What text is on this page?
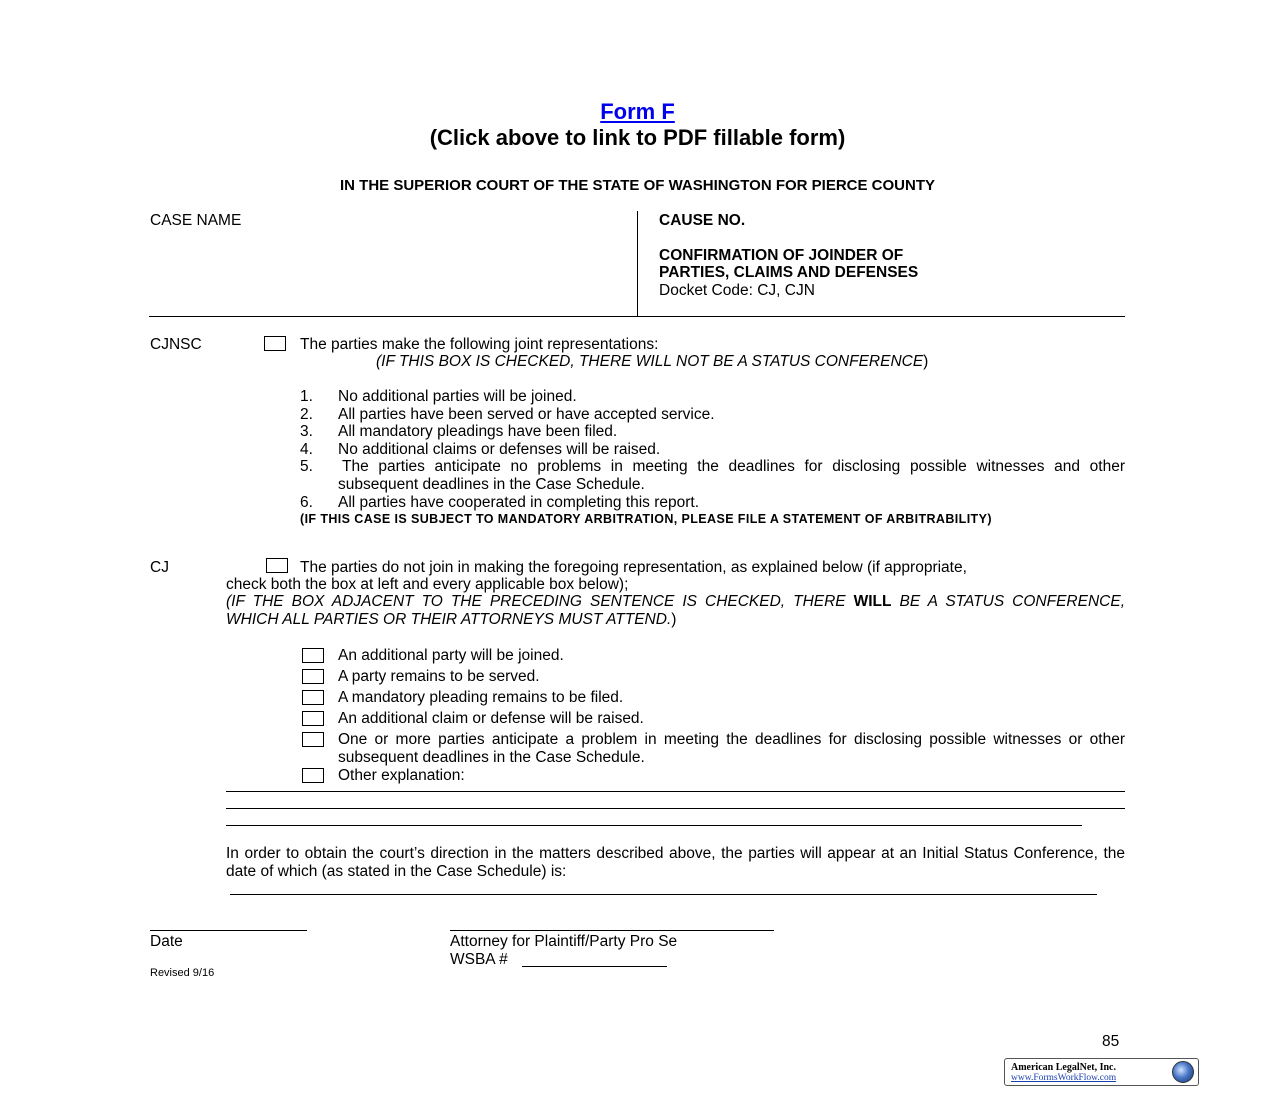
Form F
(Click above to link to PDF fillable form)
IN THE SUPERIOR COURT OF THE STATE OF WASHINGTON FOR PIERCE COUNTY
CASE NAME	CAUSE NO.
CONFIRMATION OF JOINDER OF
PARTIES, CLAIMS AND DEFENSES
Docket Code: CJ, CJN
CJNSC	The parties make the following joint representations:
(IF THIS BOX IS CHECKED, THERE WILL NOT BE A STATUS CONFERENCE)
1.	No additional parties will be joined.
2.	All parties have been served or have accepted service.
3.	All mandatory pleadings have been filed.
4.	No additional claims or defenses will be raised.
5.	The parties anticipate no problems in meeting the deadlines for disclosing possible witnesses and other subsequent deadlines in the Case Schedule.
6.	All parties have cooperated in completing this report.
(IF THIS CASE IS SUBJECT TO MANDATORY ARBITRATION, PLEASE FILE A STATEMENT OF ARBITRABILITY)
CJ	The parties do not join in making the foregoing representation, as explained below (if appropriate,
check both the box at left and every applicable box below);
(IF THE BOX ADJACENT TO THE PRECEDING SENTENCE IS CHECKED, THERE WILL BE A STATUS CONFERENCE, WHICH ALL PARTIES OR THEIR ATTORNEYS MUST ATTEND.)
An additional party will be joined.
A party remains to be served.
A mandatory pleading remains to be filed.
An additional claim or defense will be raised.
One or more parties anticipate a problem in meeting the deadlines for disclosing possible witnesses or other subsequent deadlines in the Case Schedule.
Other explanation:
In order to obtain the court’s direction in the matters described above, the parties will appear at an Initial Status Conference, the date of which (as stated in the Case Schedule) is:
Date	Attorney for Plaintiff/Party Pro Se
WSBA #
Revised 9/16
85
American LegalNet, Inc.
www.FormsWorkFlow.com
